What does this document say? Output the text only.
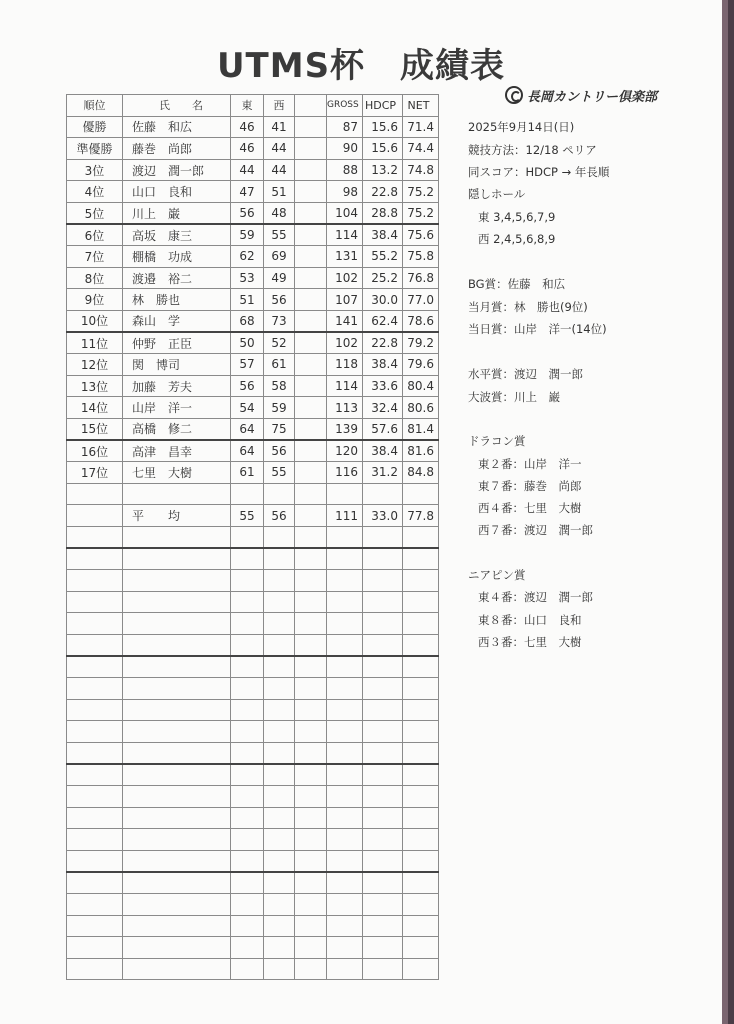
UTMS杯　成績表
長岡カントリー倶楽部
順位	氏　　名	東	西		GROSS	HDCP	NET
優勝	佐藤　和広	46	41		87	15.6	71.4
準優勝	藤巻　尚郎	46	44		90	15.6	74.4
3位	渡辺　潤一郎	44	44		88	13.2	74.8
4位	山口　良和	47	51		98	22.8	75.2
5位	川上　巌	56	48		104	28.8	75.2
6位	高坂　康三	59	55		114	38.4	75.6
7位	棚橋　功成	62	69		131	55.2	75.8
8位	渡邉　裕二	53	49		102	25.2	76.8
9位	林　勝也	51	56		107	30.0	77.0
10位	森山　学	68	73		141	62.4	78.6
11位	仲野　正臣	50	52		102	22.8	79.2
12位	関　博司	57	61		118	38.4	79.6
13位	加藤　芳夫	56	58		114	33.6	80.4
14位	山岸　洋一	54	59		113	32.4	80.6
15位	高橋　修二	64	75		139	57.6	81.4
16位	高津　昌幸	64	56		120	38.4	81.6
17位	七里　大樹	61	55		116	31.2	84.8

	平　　均	55	56		111	33.0	77.8

2025年9月14日(日)
競技方法：12/18 ペリア
同スコア：HDCP → 年長順
隠しホール
東 3,4,5,6,7,9
西 2,4,5,6,8,9
BG賞：佐藤　和広
当月賞：林　勝也(9位)
当日賞：山岸　洋一(14位)
水平賞：渡辺　潤一郎
大波賞：川上　巌
ドラコン賞
東２番：山岸　洋一
東７番：藤巻　尚郎
西４番：七里　大樹
西７番：渡辺　潤一郎
ニアピン賞
東４番：渡辺　潤一郎
東８番：山口　良和
西３番：七里　大樹
